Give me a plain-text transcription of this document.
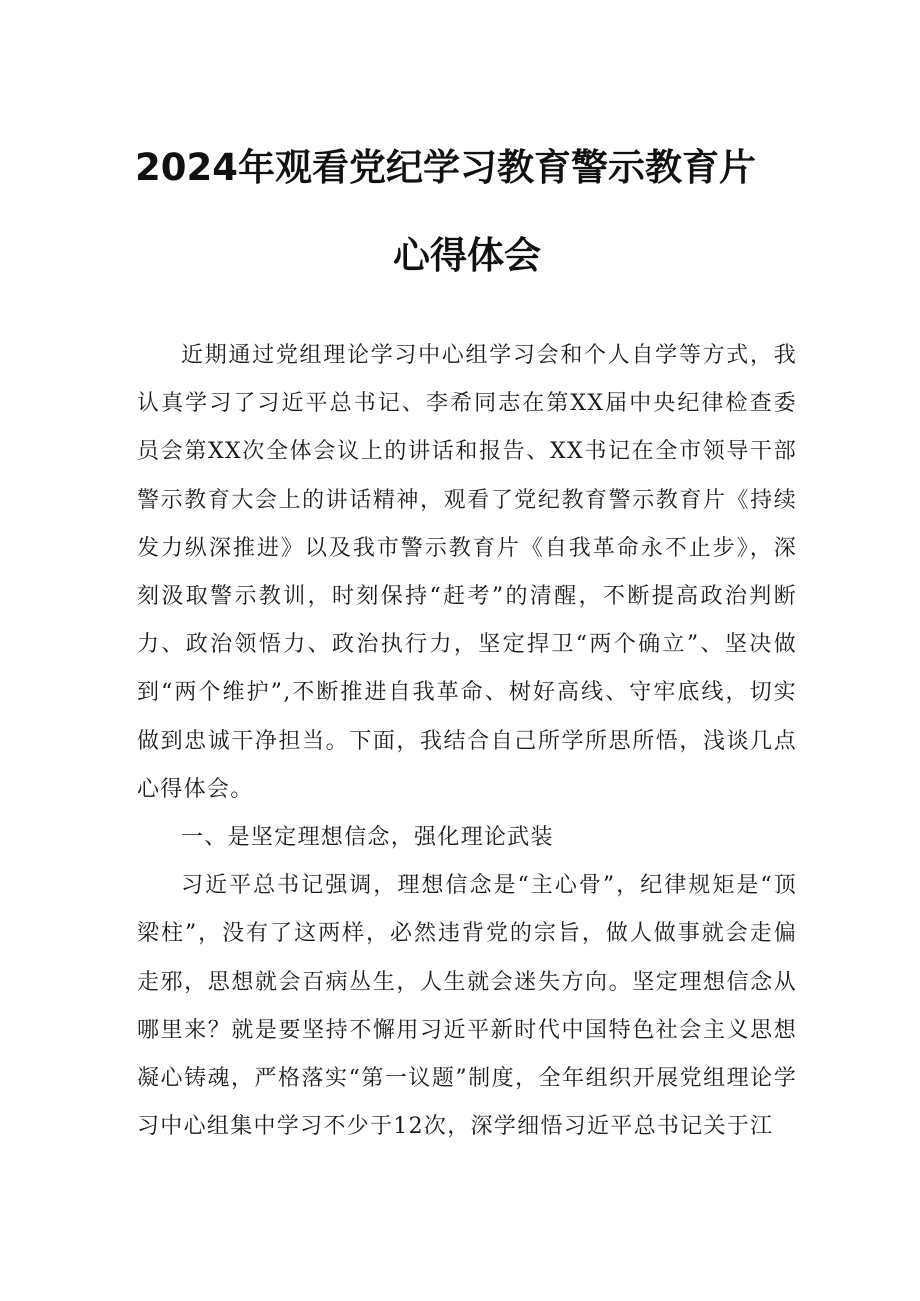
2024年观看党纪学习教育警示教育片
心得体会

近期通过党组理论学习中心组学习会和个人自学等方式，我认真学习了习近平总书记、李希同志在第XX届中央纪律检查委员会第XX次全体会议上的讲话和报告、XX书记在全市领导干部警示教育大会上的讲话精神，观看了党纪教育警示教育片《持续发力纵深推进》以及我市警示教育片《自我革命永不止步》，深刻汲取警示教训，时刻保持“赶考”的清醒，不断提高政治判断力、政治领悟力、政治执行力，坚定捍卫“两个确立”、坚决做到“两个维护”,不断推进自我革命、树好高线、守牢底线，切实做到忠诚干净担当。下面，我结合自己所学所思所悟，浅谈几点心得体会。

一、是坚定理想信念，强化理论武装

习近平总书记强调，理想信念是“主心骨”，纪律规矩是“顶梁柱”，没有了这两样，必然违背党的宗旨，做人做事就会走偏走邪，思想就会百病丛生，人生就会迷失方向。坚定理想信念从哪里来？就是要坚持不懈用习近平新时代中国特色社会主义思想凝心铸魂，严格落实“第一议题”制度，全年组织开展党组理论学习中心组集中学习不少于12次，深学细悟习近平总书记关于江
